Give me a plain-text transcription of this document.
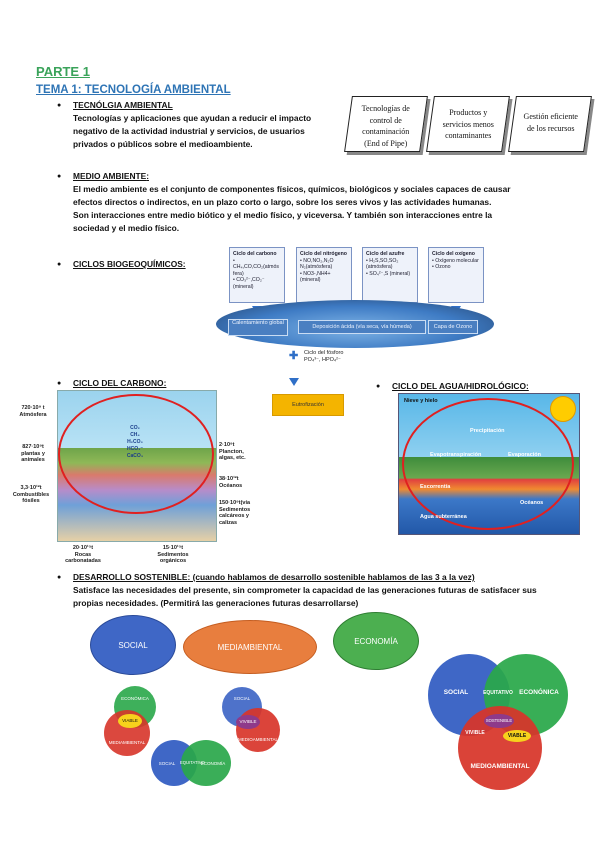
PARTE 1
TEMA 1: TECNOLOGÍA AMBIENTAL
● TECNÓLGIA AMBIENTAL
Tecnologías y aplicaciones que ayudan a reducir el impacto
negativo de la actividad industrial y servicios, de usuarios
privados o públicos sobre el medioambiente.
Tecnologías de
control de
contaminación
(End of Pipe)
Productos y
servicios menos
contaminantes
Gestión eficiente
de los recursos
● MEDIO AMBIENTE:
El medio ambiente es el conjunto de componentes físicos, químicos, biológicos y sociales capaces de causar
efectos directos o indirectos, en un plazo corto o largo, sobre los seres vivos y las actividades humanas.
Son interacciones entre medio biótico y el medio físico, y viceversa. Y también son interacciones entre la
sociedad y el medio físico.
● CICLOS BIOGEOQUÍMICOS:
Ciclo del carbono
• CH₄,CO,CO₂(atmós
fera)
• CO₃²⁻,CO₂⁻
(mineral)
Ciclo del nitrógeno
• NO,NO₂,N₂O
N₂(atmósfera)
• NO3-,NH4+
(mineral)
Ciclo del azufre
• H₂S,SO,SO₂
(atmósfera)
• SO₄²⁻,S (mineral)
Ciclo del oxígeno
• Oxígeno molecular
• Ozono
Calentamiento global
Deposición ácida (vía seca, vía húmeda)	Capa de Ozono
✚ Ciclo del fósforo
PO₄³⁻, HPO₄²⁻
Eutrofización
● CICLO DEL CARBONO:
CO₂
CH₄
H₂CO₃
HCO₃⁻
CaCO₃
720·10⁹ t
Atmósfera
827·10⁹t
plantas y
animales
3,3·10¹²t
Combustibles
fósiles
20·10¹⁵t
Rocas
carbonatadas
15·10¹⁵t
Sedimentos
orgánicos
2·10⁹t
Plancton,
algas, etc.
38·10¹²t
Océanos
150·10⁹t(vía
Sedimentos
calcáreos y
calizas
● CICLO DEL AGUA/HIDROLÓGICO:
Nieve y hielo
Precipitación
Evaporación
Evapotranspiración
Escorrentía
Océanos
Agua subterránea
● DESARROLLO SOSTENIBLE: (cuando hablamos de desarrollo sostenible hablamos de las 3 a la vez)
Satisface las necesidades del presente, sin comprometer la capacidad de las generaciones futuras de satisfacer sus
propias necesidades. (Permitirá las generaciones futuras desarrollarse)
SOCIAL	MEDIAMBIENTAL
ECONOMÍA
ECONÓMICA
MEDIAMBIENTAL
VIABLE
SOCIAL
MEDIOAMBIENTAL
VIVIBLE
SOCIAL	ECONOMÍA
EQUITATIVO
SOCIAL	ECONÓNICA
MEDIOAMBIENTAL
EQUITATIVO
VIVIBLE	VIABLE
SOSTENIBLE
